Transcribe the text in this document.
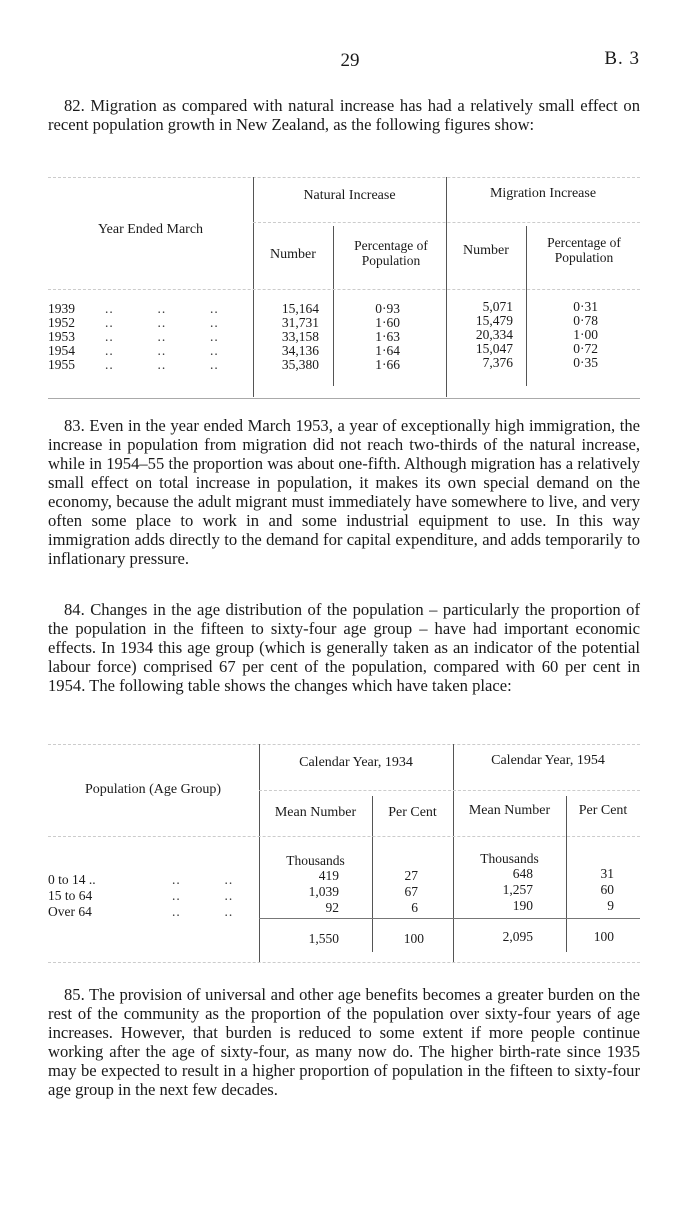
29	B. 3

82. Migration as compared with natural increase has had a relatively small effect on recent population growth in New Zealand, as the following figures show:

Year Ended March
Natural Increase	Migration Increase
Number
Percentage of Population
Number
Percentage of Population
1939 ..          ..          ..	15,164	0·93	5,071	0·31
1952 ..          ..          ..	31,731	1·60	15,479	0·78
1953 ..          ..          ..	33,158	1·63	20,334	1·00
1954 ..          ..          ..	34,136	1·64	15,047	0·72
1955 ..          ..          ..	35,380	1·66	7,376	0·35

83. Even in the year ended March 1953, a year of exceptionally high immigration, the increase in population from migration did not reach two-thirds of the natural increase, while in 1954–55 the proportion was about one-fifth. Although migration has a relatively small effect on total increase in population, it makes its own special demand on the economy, because the adult migrant must immediately have somewhere to live, and very often some place to work in and some industrial equipment to use. In this way immigration adds directly to the demand for capital expenditure, and adds temporarily to inflationary pressure.

84. Changes in the age distribution of the population – particularly the proportion of the population in the fifteen to sixty-four age group – have had important economic effects. In 1934 this age group (which is generally taken as an indicator of the potential labour force) comprised 67 per cent of the population, compared with 60 per cent in 1954. The following table shows the changes which have taken place:

Population (Age Group)
Calendar Year, 1934	Calendar Year, 1954
Mean Number	Per Cent	Mean Number	Per Cent
Thousands	Thousands
0 to 14 ..	..          ..	419	27	648	31
15 to 64	..          ..	1,039	67	1,257	60
Over 64	..          ..	92	6	190	9
1,550	100	2,095	100

85. The provision of universal and other age benefits becomes a greater burden on the rest of the community as the proportion of the population over sixty-four years of age increases. However, that burden is reduced to some extent if more people continue working after the age of sixty-four, as many now do. The higher birth-rate since 1935 may be expected to result in a higher proportion of population in the fifteen to sixty-four age group in the next few decades.
